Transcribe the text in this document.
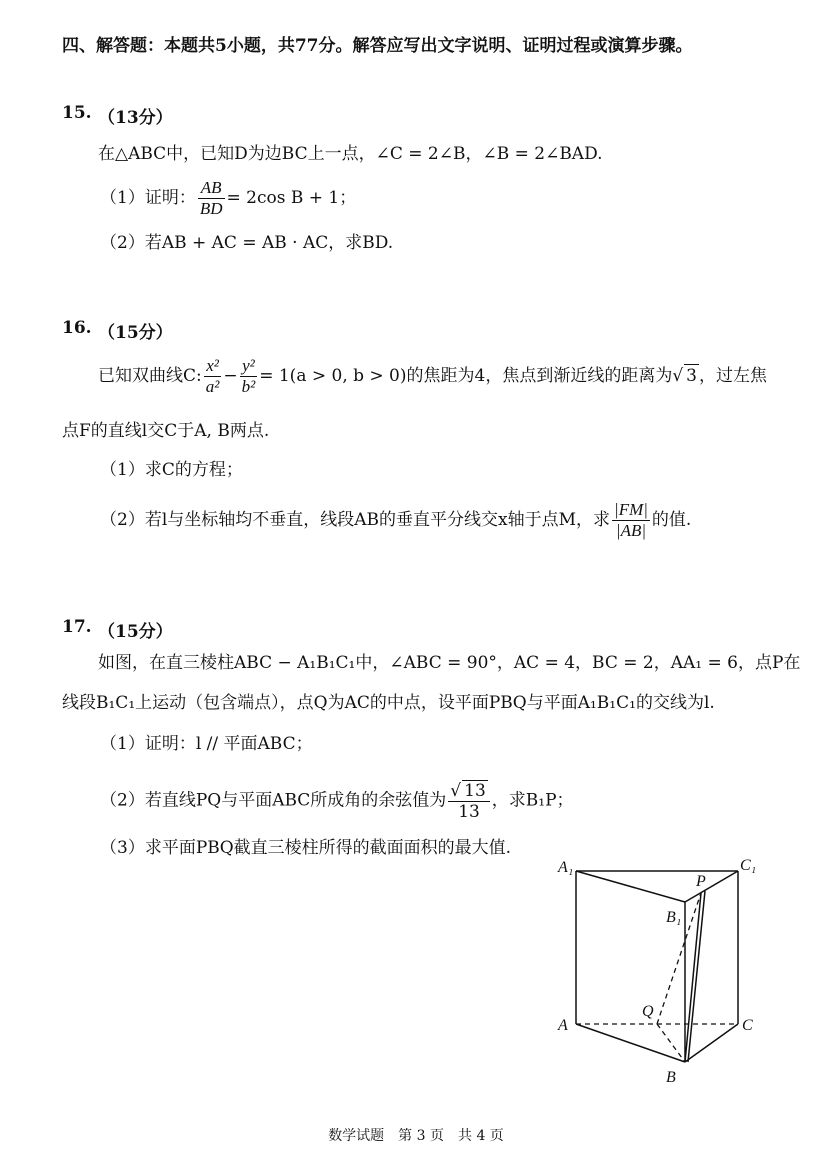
四、解答题：本题共5小题，共77分。解答应写出文字说明、证明过程或演算步骤。
15. （13分）
在△ABC中，已知D为边BC上一点，∠C = 2∠B，∠B = 2∠BAD.
（1）证明： $\frac{AB}{BD} = 2\cos$ B + 1；
（2）若AB + AC = AB · AC，求BD.
16. （15分）
已知双曲线C: $\frac{\text{x²}}{\text{a²}} - \frac{\text{y²}}{\text{b²}} = 1(a > 0$, b > 0)的焦距为4，焦点到渐近线的距离为√ 3 ，过左焦
点F的直线l交C于A, B两点.
（1）求C的方程；
（2）若l与坐标轴均不垂直，线段AB的垂直平分线交x轴于点M，求 $\frac{|FM|}{|AB|}$ 的值.
17. （15分）
如图，在直三棱柱ABC − A₁B₁C₁中，∠ABC = 90°，AC = 4，BC = 2，AA₁ = 6，点P在
线段B₁C₁上运动（包含端点），点Q为AC的中点，设平面PBQ与平面A₁B₁C₁的交线为l.
（1）证明：l // 平面ABC；
（2）若直线PQ与平面ABC所成角的余弦值为 $\frac{√ 13}{13}$ ，求B₁P；
（3）求平面PBQ截直三棱柱所得的截面面积的最大值.
A₁	C₁
P
B₁
Q
A	C
B
数学试题　第 3 页　共 4 页
